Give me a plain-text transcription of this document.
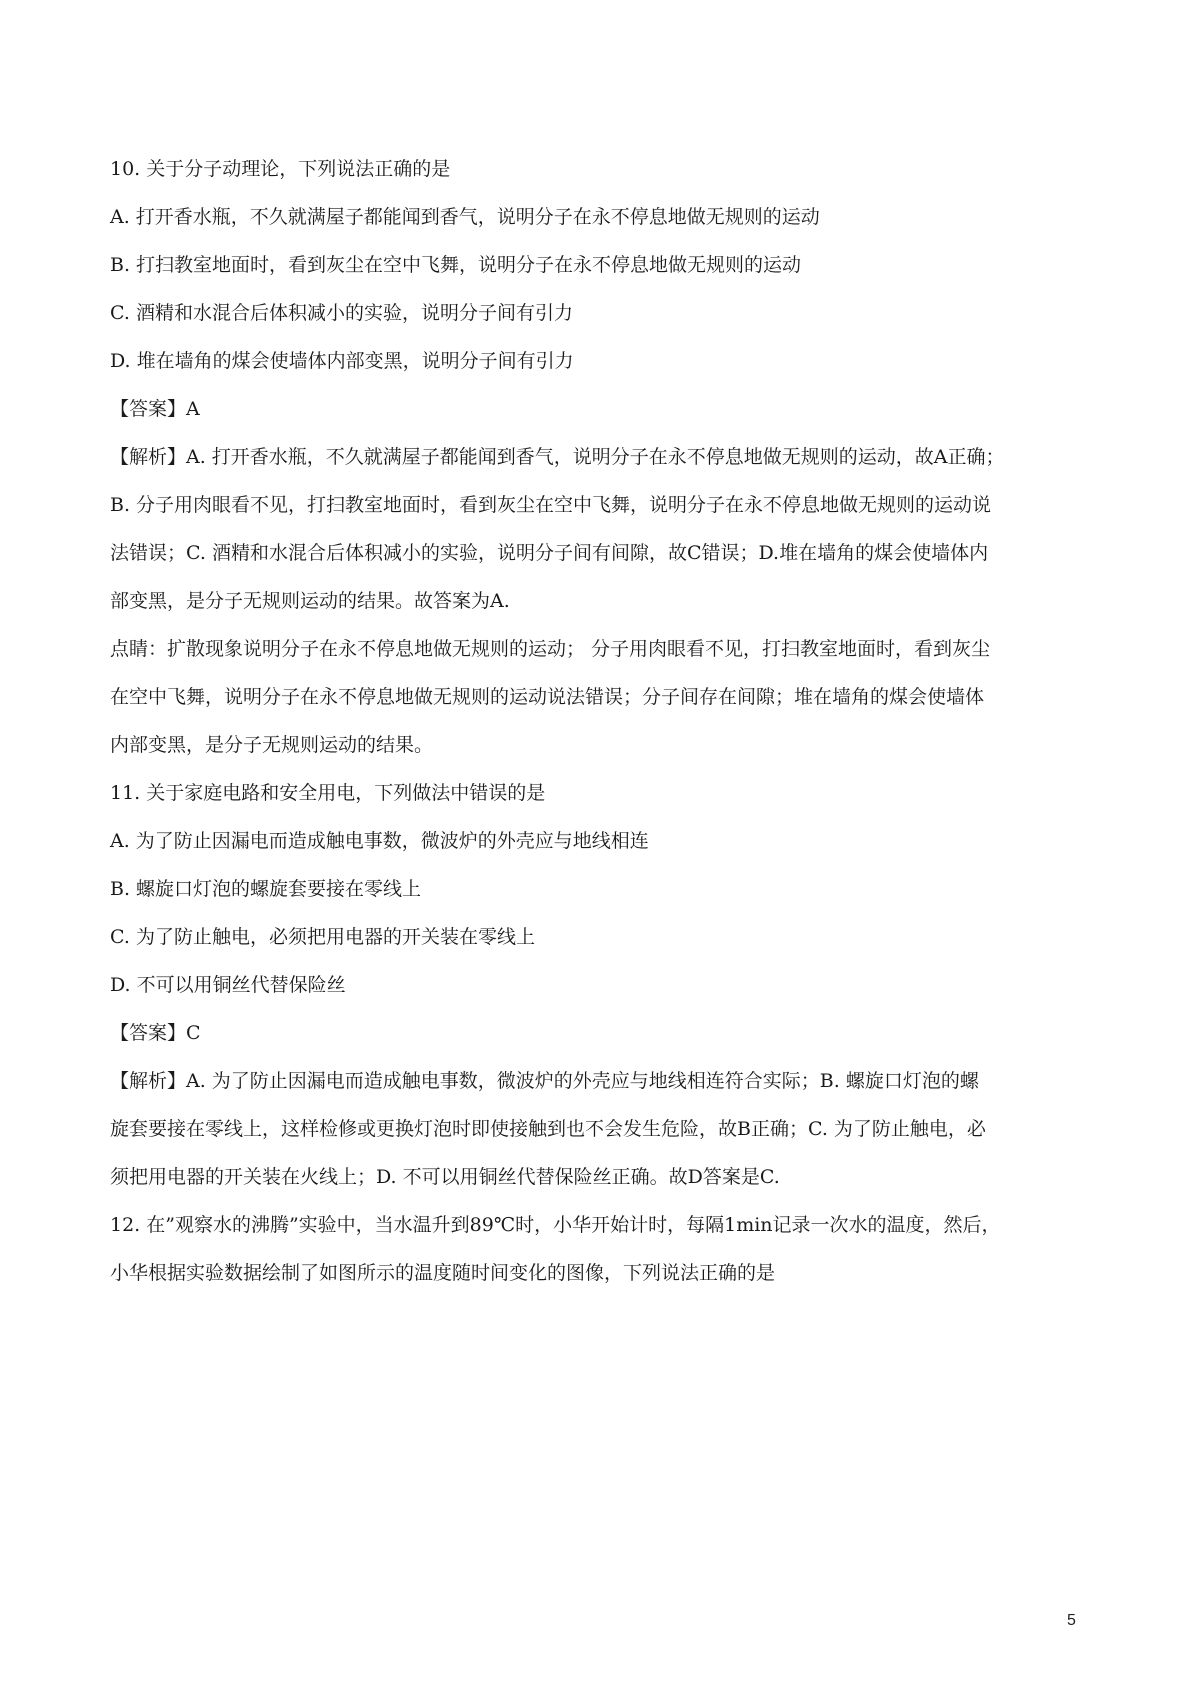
10. 关于分子动理论，下列说法正确的是

A. 打开香水瓶，不久就满屋子都能闻到香气，说明分子在永不停息地做无规则的运动

B. 打扫教室地面时，看到灰尘在空中飞舞，说明分子在永不停息地做无规则的运动

C. 酒精和水混合后体积减小的实验，说明分子间有引力

D. 堆在墙角的煤会使墙体内部变黑，说明分子间有引力

【答案】A

【解析】A. 打开香水瓶，不久就满屋子都能闻到香气，说明分子在永不停息地做无规则的运动，故A正确；

B. 分子用肉眼看不见，打扫教室地面时，看到灰尘在空中飞舞，说明分子在永不停息地做无规则的运动说

法错误；C. 酒精和水混合后体积减小的实验，说明分子间有间隙，故C错误；D.堆在墙角的煤会使墙体内

部变黑，是分子无规则运动的结果。故答案为A.

点睛：扩散现象说明分子在永不停息地做无规则的运动； 分子用肉眼看不见，打扫教室地面时，看到灰尘

在空中飞舞，说明分子在永不停息地做无规则的运动说法错误；分子间存在间隙；堆在墙角的煤会使墙体

内部变黑，是分子无规则运动的结果。

11. 关于家庭电路和安全用电，下列做法中错误的是

A. 为了防止因漏电而造成触电事数，微波炉的外壳应与地线相连

B. 螺旋口灯泡的螺旋套要接在零线上

C. 为了防止触电，必须把用电器的开关装在零线上

D. 不可以用铜丝代替保险丝

【答案】C

【解析】A. 为了防止因漏电而造成触电事数，微波炉的外壳应与地线相连符合实际；B. 螺旋口灯泡的螺

旋套要接在零线上，这样检修或更换灯泡时即使接触到也不会发生危险，故B正确；C. 为了防止触电，必

须把用电器的开关装在火线上；D. 不可以用铜丝代替保险丝正确。故D答案是C.

12. 在”观察水的沸腾”实验中，当水温升到89℃时，小华开始计时，每隔1min记录一次水的温度，然后，

小华根据实验数据绘制了如图所示的温度随时间变化的图像，下列说法正确的是

5
